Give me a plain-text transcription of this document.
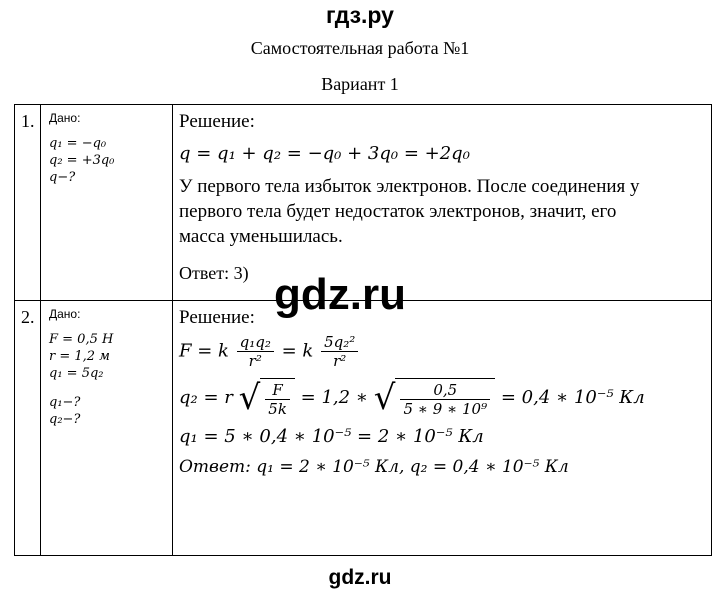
гдз.ру
Самостоятельная работа №1
Вариант 1
1.	Дано:
q₁ = −q₀
q₂ = +3q₀
q−?
Решение:
q = q₁ + q₂ = −q₀ + 3q₀ = +2q₀
У первого тела избыток электронов. После соединения у
первого тела будет недостаток электронов, значит, его
масса уменьшилась.
Ответ: 3)
2.	Дано:
F = 0,5 Н
r = 1,2 м
q₁ = 5q₂
q₁−?
q₂−?
Решение:
F = k $\frac{\text{q₁q₂}}{\text{r²}} = k \frac{\text{5q₂²}}{\text{r²}}$
q₂ = r √ $\frac{F}{5k} = 1,2$ ∗ √ $\frac{0,5}{\text{5 ∗ 9 ∗ 10⁹}} = 0,4$ ∗ 10⁻⁵ Кл
q₁ = 5 ∗ 0,4 ∗ 10⁻⁵ = 2 ∗ 10⁻⁵ Кл
Ответ: q₁ = 2 ∗ 10⁻⁵ Кл, q₂ = 0,4 ∗ 10⁻⁵ Кл
gdz.ru
gdz.ru
